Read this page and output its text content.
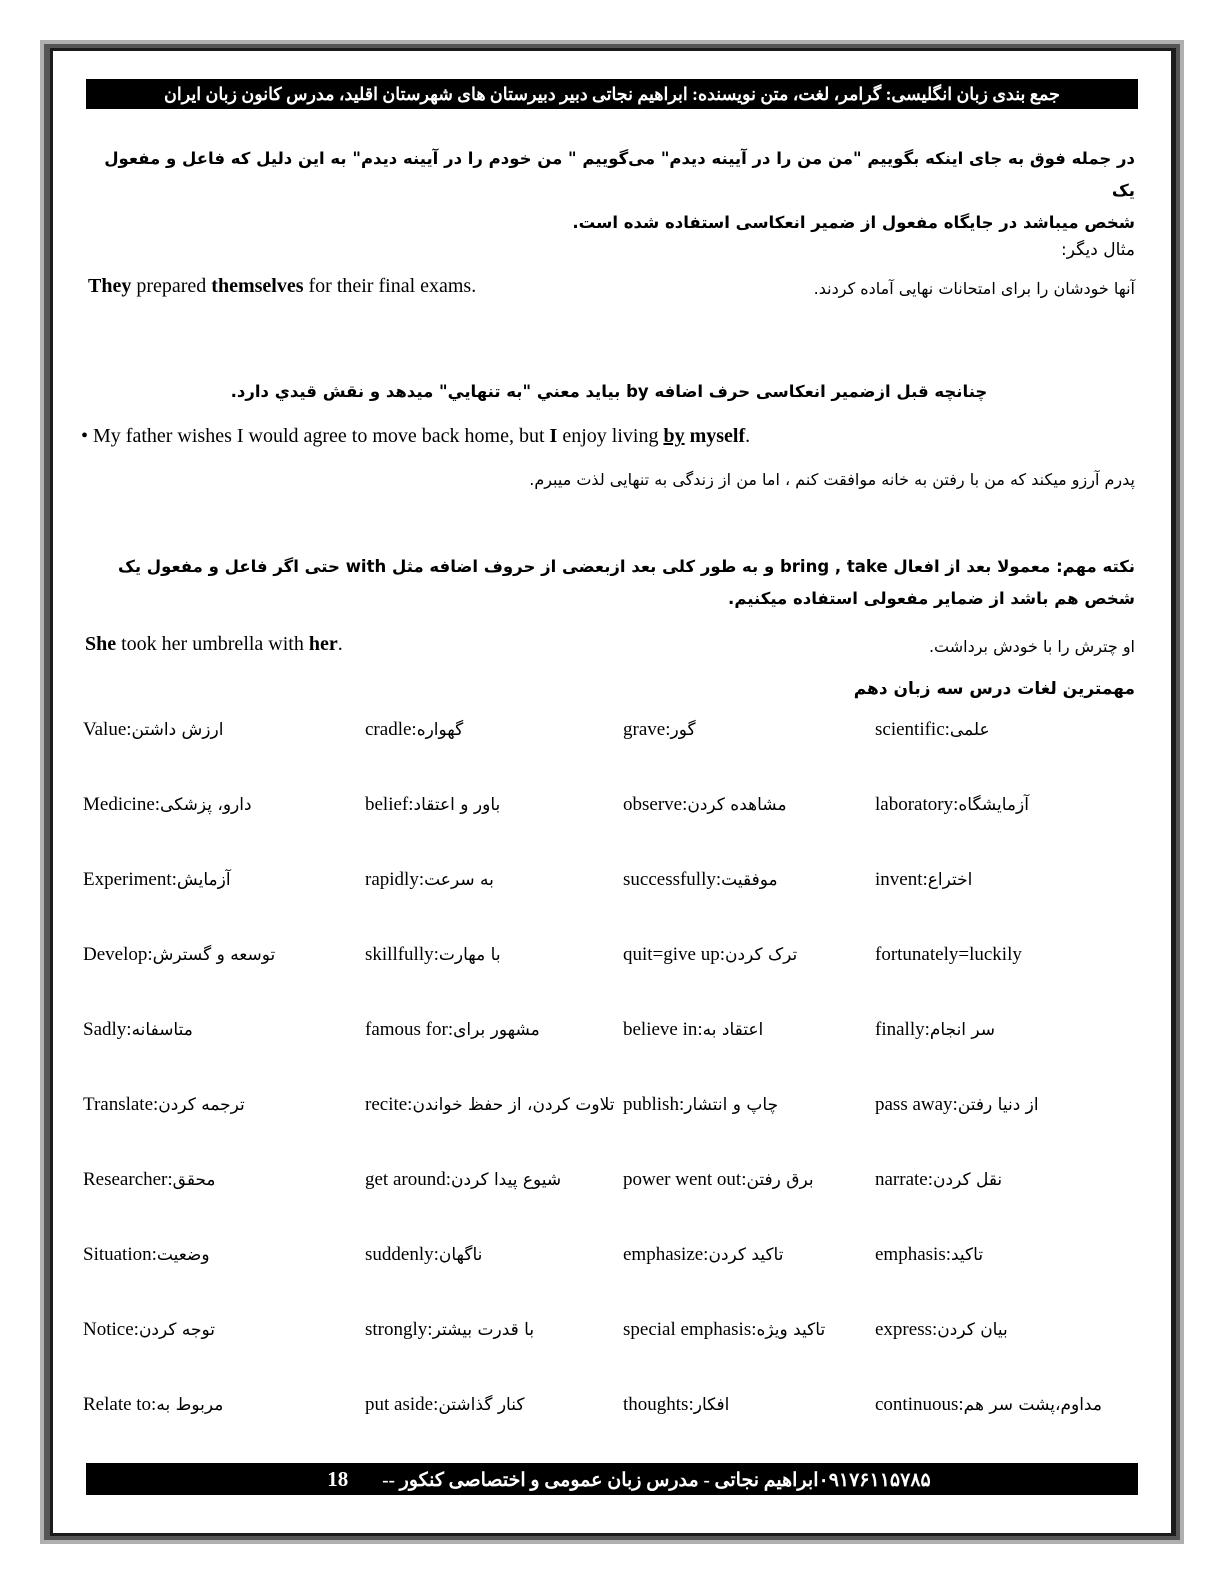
جمع بندی زبان انگلیسی: گرامر، لغت، متن نویسنده: ابراهیم نجاتی دبیر دبیرستان های شهرستان اقلید، مدرس کانون زبان ایران
در جمله فوق به جای اینکه بگوییم "من من را در آیینه دیدم" می‌گوییم " من خودم را در آیینه دیدم" به این دلیل که فاعل و مفعول یک
شخص میباشد در جایگاه مفعول از ضمیر انعکاسی استفاده شده است.
مثال دیگر:
They prepared themselves for their final exams.	آنها خودشان را برای امتحانات نهایی آماده کردند.
چنانچه قبل ازضمیر انعکاسی حرف اضافه by بیاید معني "به تنهايي" میدهد و نقش قیدي دارد.
• My father wishes I would agree to move back home, but I enjoy living by myself.
پدرم آرزو میکند که من با رفتن به خانه موافقت کنم ، اما من از زندگی به تنهایی لذت میبرم.
نکته مهم: معمولا بعد از افعال bring , take و به طور کلی بعد ازبعضی از حروف اضافه مثل with حتی اگر فاعل و مفعول یک
شخص هم باشد از ضمایر مفعولی استفاده میکنیم.
She took her umbrella with her.	او چترش را با خودش برداشت.
مهمترین لغات درس سه زبان دهم
scientific: علمی
grave: گور
cradle: گهواره
Value: ارزش داشتن
laboratory: آزمایشگاه
observe: مشاهده کردن
belief: باور و اعتقاد
Medicine: دارو، پزشکی
invent: اختراع
successfully: موفقیت
rapidly: به سرعت
Experiment: آزمایش
fortunately=luckily
quit=give up: ترک کردن
skillfully: با مهارت
Develop: توسعه و گسترش
finally: سر انجام
believe in: اعتقاد به
famous for: مشهور برای
Sadly: متاسفانه
pass away: از دنیا رفتن
publish: چاپ و انتشار
recite: تلاوت کردن، از حفظ خواندن
Translate: ترجمه کردن
narrate: نقل کردن
power went out: برق رفتن
get around: شیوع پیدا کردن
Researcher: محقق
emphasis: تاکید
emphasize: تاکید کردن
suddenly: ناگهان
Situation: وضعیت
express: بیان کردن
special emphasis: تاکید ویژه
strongly: با قدرت بیشتر
Notice: توجه کردن
continuous: مداوم،پشت سر هم
thoughts: افکار
put aside: کنار گذاشتن
Relate to: مربوط به
۰۹۱۷۶۱۱۵۷۸۵ابراهیم نجاتی - مدرس زبان عمومی و اختصاصی کنکور --18
